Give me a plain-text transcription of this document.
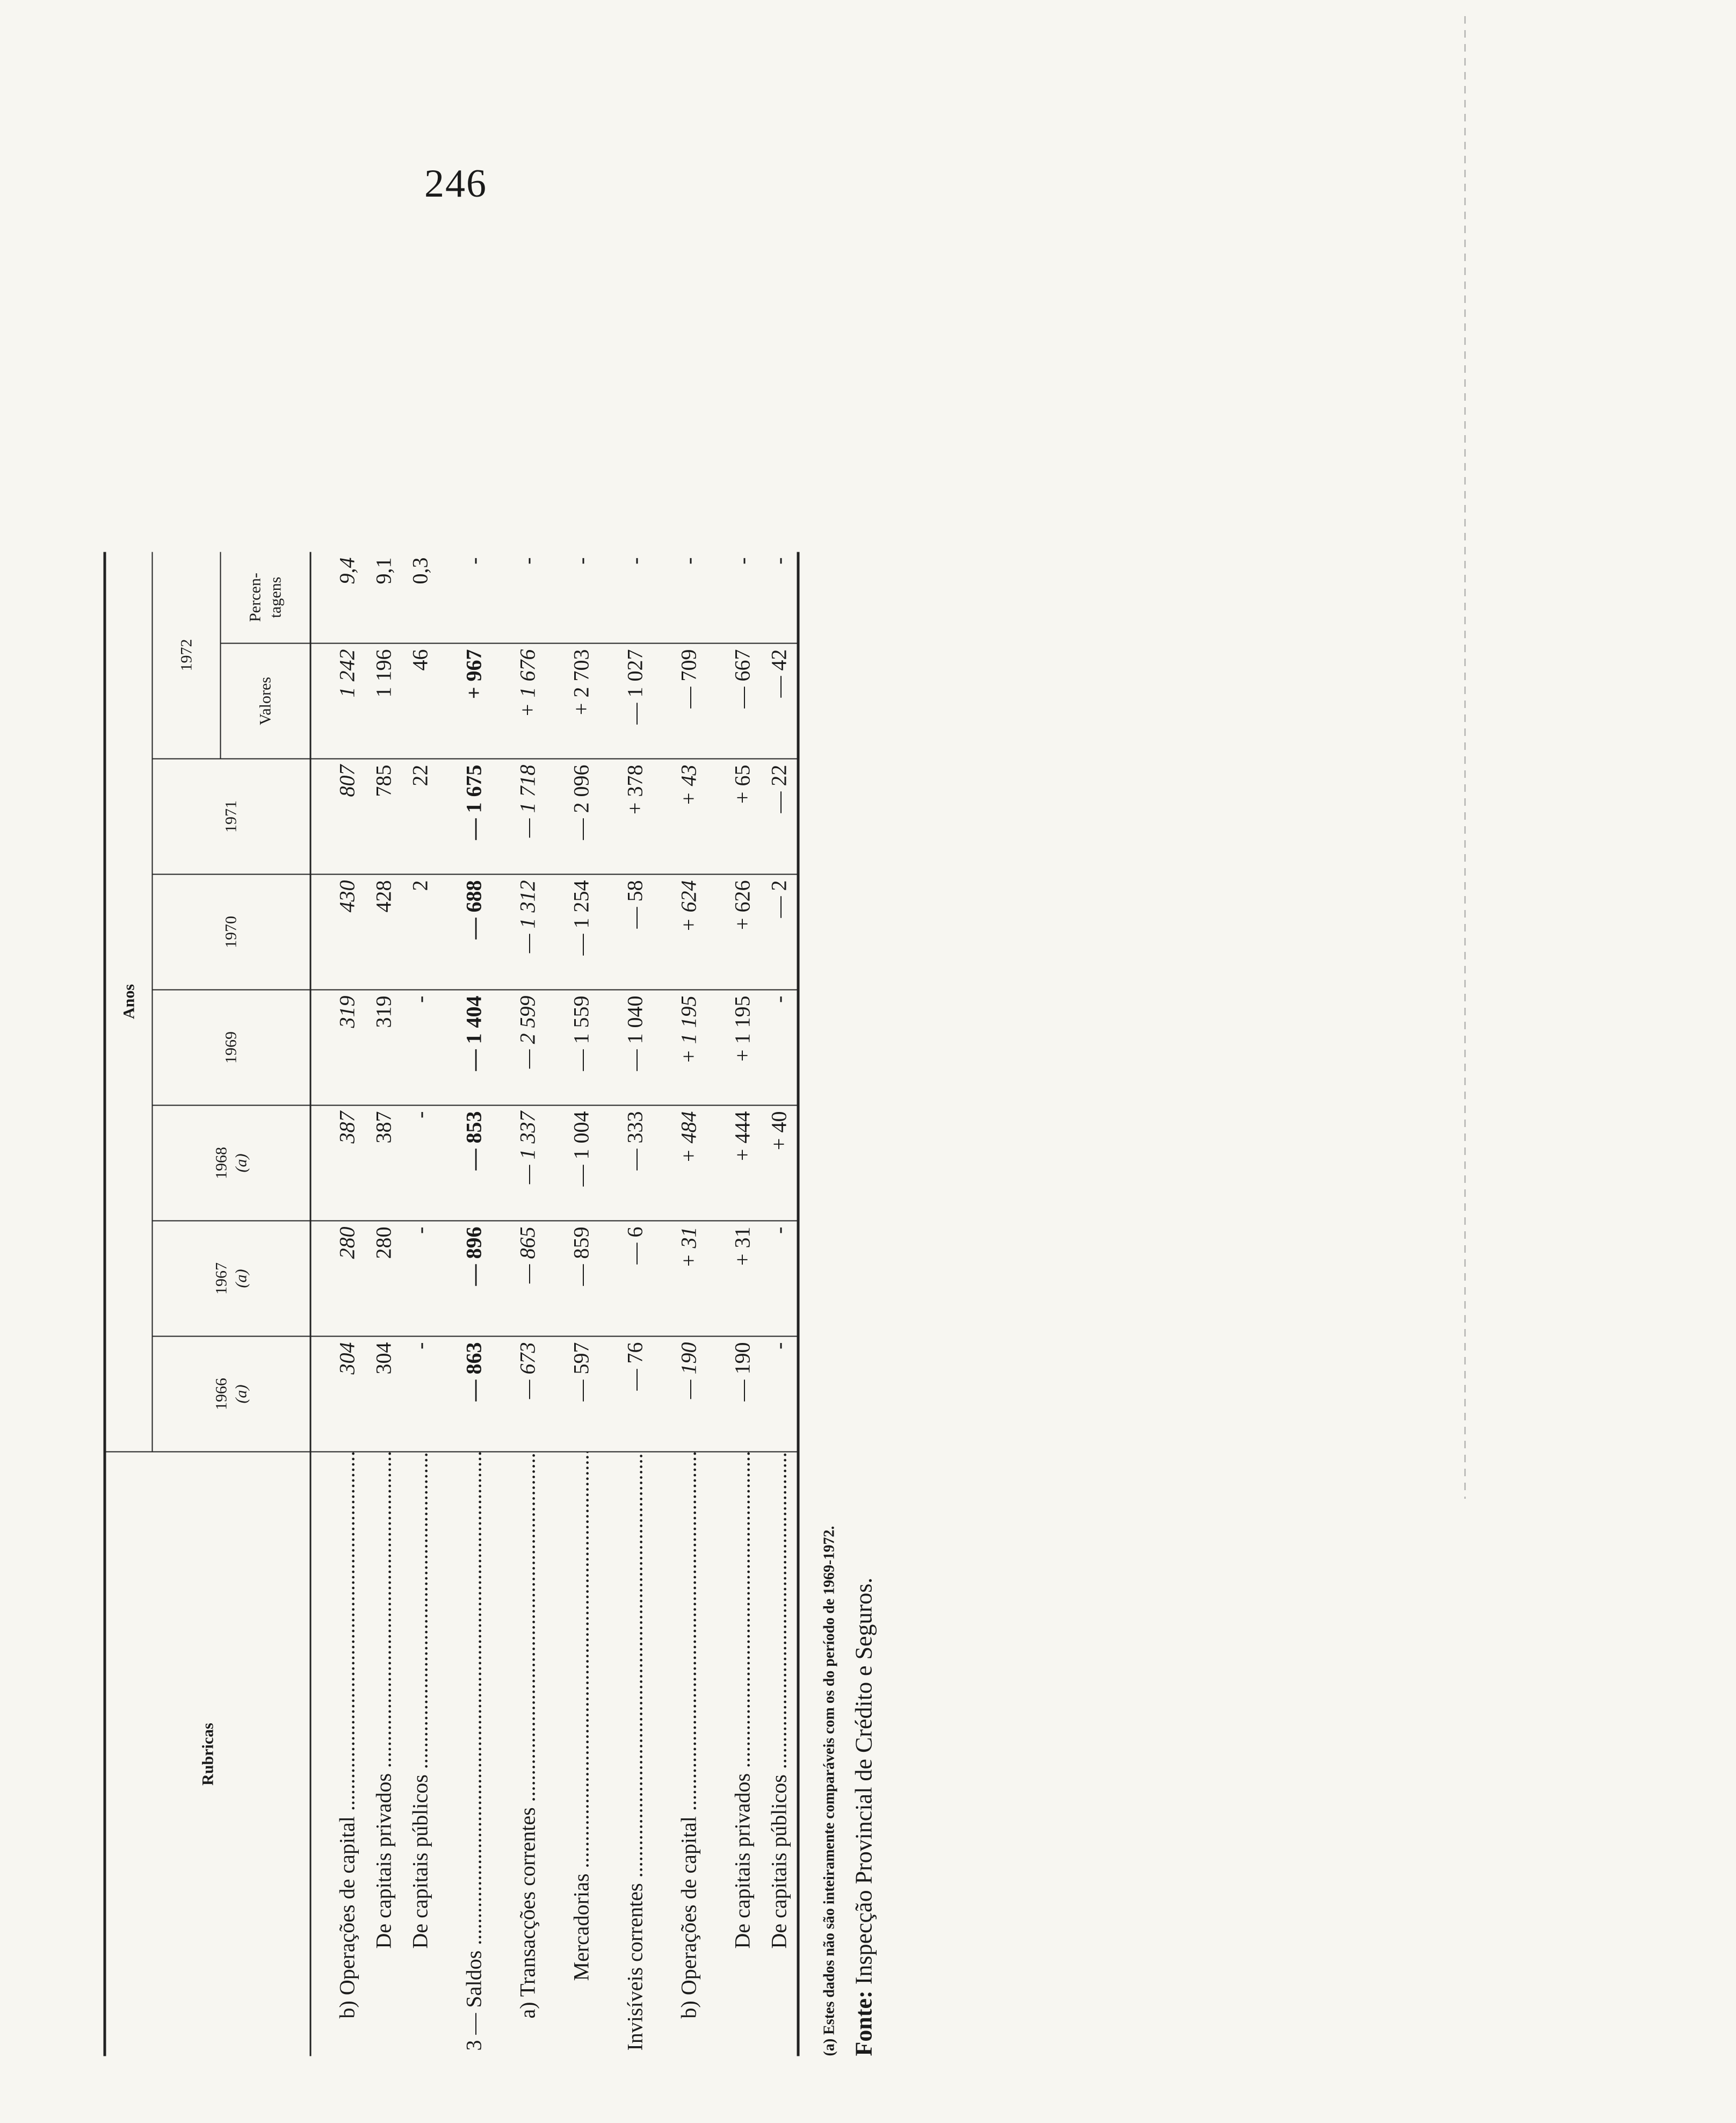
246
Rubricas	Anos							
	1966 (a)	1967 (a)	1968 (a)	1969	1970	1971	1972	
							Valores	Percen-tagens

b) Operações de capital .....	304	280	387	319	430	807	1 242	9,4
De capitais privados .....	304	280	387	319	428	785	1 196	9,1
De capitais públicos .....	-	-	-	-	2	22	46	0,3

3 — Saldos .....	— 863	— 896	— 853	— 1 404	— 688	— 1 675	+ 967	-

a) Transacções correntes .....	— 673	— 865	— 1 337	— 2 599	— 1 312	— 1 718	+ 1 676	-

Mercadorias .....	— 597	— 859	— 1 004	— 1 559	— 1 254	— 2 096	+ 2 703	-

Invisíveis correntes .....	— 76	— 6	— 333	— 1 040	— 58	+ 378	— 1 027	-

b) Operações de capital .....	— 190	+ 31	+ 484	+ 1 195	+ 624	+ 43	— 709	-

De capitais privados .....	— 190	+ 31	+ 444	+ 1 195	+ 626	+ 65	— 667	-
De capitais públicos .....	-	-	+ 40	-	— 2	— 22	— 42	-
(a) Estes dados não são inteiramente comparáveis com os do período de 1969-1972. Fonte: Inspecção Provincial de Crédito e Seguros.
